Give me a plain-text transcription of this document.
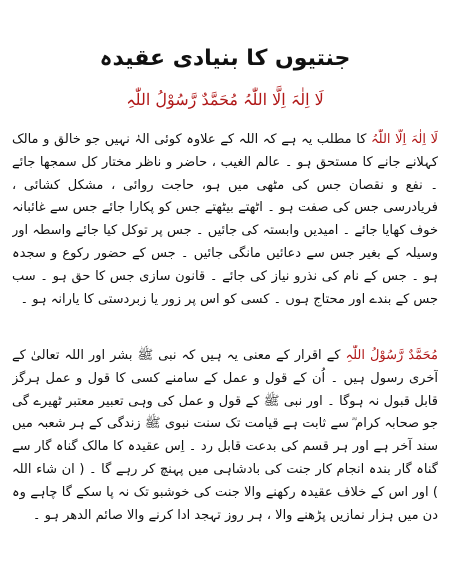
جنتیوں کا بنیادی عقیدہ
لَا اِلٰہَ اِلَّا اللّٰہُ مُحَمَّدٌ رَّسُوْلُ اللّٰہِ
لَا اِلٰہَ اِلَّا اللّٰہُ کا مطلب یہ ہے کہ اللہ کے علاوہ کوئی الہٰ نہیں جو خالق و مالک کہلانے جانے کا مستحق ہو ۔ عالم الغیب ، حاضر و ناظر مختار کل سمجھا جائے ۔ نفع و نقصان جس کی مٹھی میں ہو، حاجت روائی ، مشکل کشائی ، فریادرسی جس کی صفت ہو ۔ اٹھتے بیٹھتے جس کو پکارا جائے جس سے غائبانہ خوف کھایا جائے ۔ امیدیں وابستہ کی جائیں ۔ جس پر توکل کیا جائے واسطہ اور وسیلہ کے بغیر جس سے دعائیں مانگی جائیں ۔ جس کے حضور رکوع و سجدہ ہو ۔ جس کے نام کی نذرو نیاز کی جائے ۔ قانون سازی جس کا حق ہو ۔ سب جس کے بندے اور محتاج ہوں ۔ کسی کو اس پر زور یا زبردستی کا یارانہ ہو ۔
مُحَمَّدٌ رَّسُوْلُ اللّٰہِ کے اقرار کے معنی یہ ہیں کہ نبی ﷺ بشر اور اللہ تعالیٰ کے آخری رسول ہیں ۔ اُن کے قول و عمل کے سامنے کسی کا قول و عمل ہرگز قابل قبول نہ ہوگا ۔ اور نبی ﷺ کے قول و عمل کی وہی تعبیر معتبر ٹھیرے گی جو صحابہ کرام ؓ سے ثابت ہے قیامت تک سنت نبوی ﷺ زندگی کے ہر شعبہ میں سند آخر ہے اور ہر قسم کی بدعت قابل رد ۔ اِس عقیدہ کا مالک گناہ گار سے گناہ گار بندہ انجام کار جنت کی بادشاہی میں پہنچ کر رہے گا ۔ ( ان شاء اللہ ) اور اس کے خلاف عقیدہ رکھنے والا جنت کی خوشبو تک نہ پا سکے گا چاہے وہ دن میں ہزار نمازیں پڑھنے والا ، ہر روز تہجد ادا کرنے والا صائم الدھر ہو ۔
